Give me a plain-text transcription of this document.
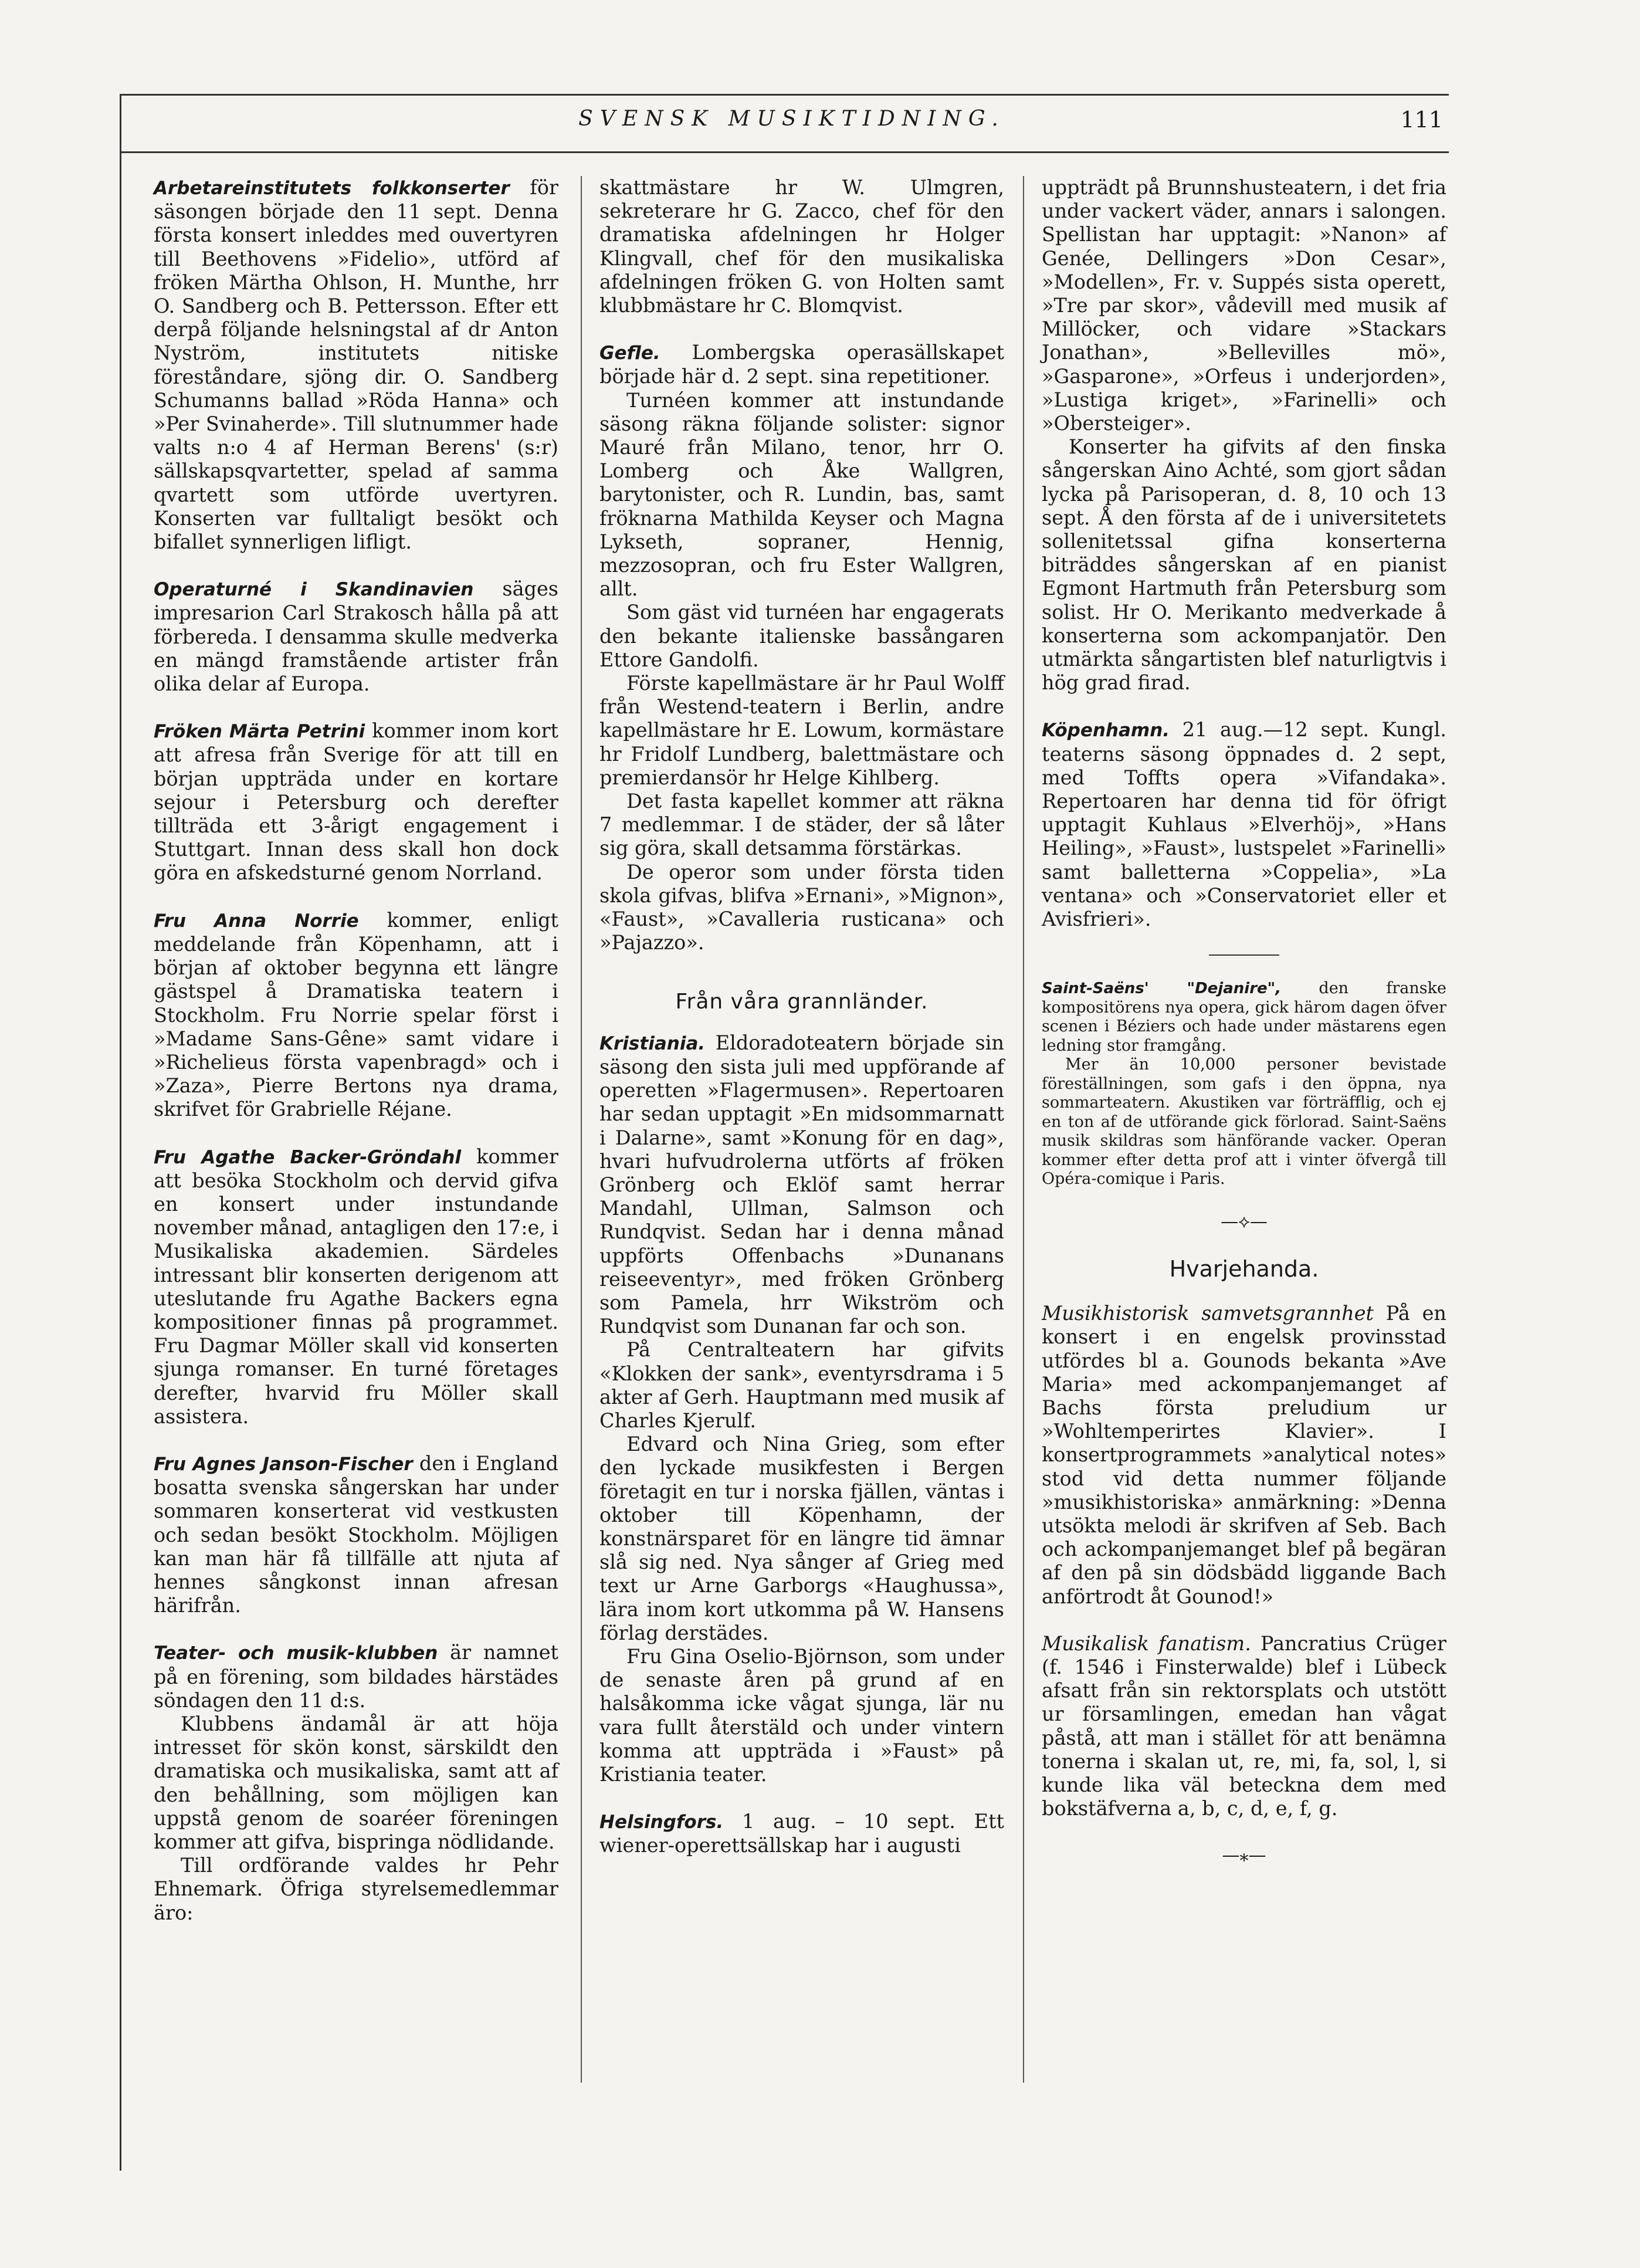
SVENSK MUSIKTIDNING.	111

Arbetareinstitutets folkkonserter för säsongen började den 11 sept. Denna första konsert inleddes med ouvertyren till Beethovens »Fidelio», utförd af fröken Märtha Ohlson, H. Munthe, hrr O. Sandberg och B. Pettersson. Efter ett derpå följande helsningstal af dr Anton Nyström, institutets nitiske föreståndare, sjöng dir. O. Sandberg Schumanns ballad »Röda Hanna» och »Per Svinaherde». Till slutnummer hade valts n:o 4 af Herman Berens' (s:r) sällskapsqvartetter, spelad af samma qvartett som utförde uvertyren. Konserten var fulltaligt besökt och bifallet synnerligen lifligt.

Operaturné i Skandinavien säges impresarion Carl Strakosch hålla på att förbereda. I densamma skulle medverka en mängd framstående artister från olika delar af Europa.

Fröken Märta Petrini kommer inom kort att afresa från Sverige för att till en början uppträda under en kortare sejour i Petersburg och derefter tillträda ett 3-årigt engagement i Stuttgart. Innan dess skall hon dock göra en afskedsturné genom Norrland.

Fru Anna Norrie kommer, enligt meddelande från Köpenhamn, att i början af oktober begynna ett längre gästspel å Dramatiska teatern i Stockholm. Fru Norrie spelar först i »Madame Sans-Gêne» samt vidare i »Richelieus första vapenbragd» och i »Zaza», Pierre Bertons nya drama, skrifvet för Grabrielle Réjane.

Fru Agathe Backer-Gröndahl kommer att besöka Stockholm och dervid gifva en konsert under instundande november månad, antagligen den 17:e, i Musikaliska akademien. Särdeles intressant blir konserten derigenom att uteslutande fru Agathe Backers egna kompositioner finnas på programmet. Fru Dagmar Möller skall vid konserten sjunga romanser. En turné företages derefter, hvarvid fru Möller skall assistera.

Fru Agnes Janson-Fischer den i England bosatta svenska sångerskan har under sommaren konserterat vid vestkusten och sedan besökt Stockholm. Möjligen kan man här få tillfälle att njuta af hennes sångkonst innan afresan härifrån.

Teater- och musik-klubben är namnet på en förening, som bildades härstädes söndagen den 11 d:s.

Klubbens ändamål är att höja intresset för skön konst, särskildt den dramatiska och musikaliska, samt att af den behållning, som möjligen kan uppstå genom de soaréer föreningen kommer att gifva, bispringa nödlidande.

Till ordförande valdes hr Pehr Ehnemark. Öfriga styrelsemedlemmar äro:

skattmästare hr W. Ulmgren, sekreterare hr G. Zacco, chef för den dramatiska afdelningen hr Holger Klingvall, chef för den musikaliska afdelningen fröken G. von Holten samt klubbmästare hr C. Blomqvist.

Gefle. Lombergska operasällskapet började här d. 2 sept. sina repetitioner.

Turnéen kommer att instundande säsong räkna följande solister: signor Mauré från Milano, tenor, hrr O. Lomberg och Åke Wallgren, barytonister, och R. Lundin, bas, samt fröknarna Mathilda Keyser och Magna Lykseth, sopraner, Hennig, mezzosopran, och fru Ester Wallgren, allt.

Som gäst vid turnéen har engagerats den bekante italienske bassångaren Ettore Gandolfi.

Förste kapellmästare är hr Paul Wolff från Westend-teatern i Berlin, andre kapellmästare hr E. Lowum, kormästare hr Fridolf Lundberg, balettmästare och premierdansör hr Helge Kihlberg.

Det fasta kapellet kommer att räkna 7 medlemmar. I de städer, der så låter sig göra, skall detsamma förstärkas.

De operor som under första tiden skola gifvas, blifva »Ernani», »Mignon», «Faust», »Cavalleria rusticana» och »Pajazzo».

Från våra grannländer.

Kristiania. Eldoradoteatern började sin säsong den sista juli med uppförande af operetten »Flagermusen». Repertoaren har sedan upptagit »En midsommarnatt i Dalarne», samt »Konung för en dag», hvari hufvudrolerna utförts af fröken Grönberg och Eklöf samt herrar Mandahl, Ullman, Salmson och Rundqvist. Sedan har i denna månad uppförts Offenbachs »Dunanans reiseeventyr», med fröken Grönberg som Pamela, hrr Wikström och Rundqvist som Dunanan far och son.

På Centralteatern har gifvits «Klokken der sank», eventyrsdrama i 5 akter af Gerh. Hauptmann med musik af Charles Kjerulf.

Edvard och Nina Grieg, som efter den lyckade musikfesten i Bergen företagit en tur i norska fjällen, väntas i oktober till Köpenhamn, der konstnärsparet för en längre tid ämnar slå sig ned. Nya sånger af Grieg med text ur Arne Garborgs «Haughussa», lära inom kort utkomma på W. Hansens förlag derstädes.

Fru Gina Oselio-Björnson, som under de senaste åren på grund af en halsåkomma icke vågat sjunga, lär nu vara fullt återstäld och under vintern komma att uppträda i »Faust» på Kristiania teater.

Helsingfors. 1 aug. – 10 sept. Ett wiener-operettsällskap har i augusti

uppträdt på Brunnshusteatern, i det fria under vackert väder, annars i salongen. Spellistan har upptagit: »Nanon» af Genée, Dellingers »Don Cesar», »Modellen», Fr. v. Suppés sista operett, »Tre par skor», vådevill med musik af Millöcker, och vidare »Stackars Jonathan», »Bellevilles mö», »Gasparone», »Orfeus i underjorden», »Lustiga kriget», »Farinelli» och »Obersteiger».

Konserter ha gifvits af den finska sångerskan Aino Achté, som gjort sådan lycka på Parisoperan, d. 8, 10 och 13 sept. Å den första af de i universitetets sollenitetssal gifna konserterna biträddes sångerskan af en pianist Egmont Hartmuth från Petersburg som solist. Hr O. Merikanto medverkade å konserterna som ackompanjatör. Den utmärkta sångartisten blef naturligtvis i hög grad firad.

Köpenhamn. 21 aug.—12 sept. Kungl. teaterns säsong öppnades d. 2 sept, med Toffts opera »Vifandaka». Repertoaren har denna tid för öfrigt upptagit Kuhlaus »Elverhöj», »Hans Heiling», »Faust», lustspelet »Farinelli» samt balletterna »Coppelia», »La ventana» och »Conservatoriet eller et Avisfrieri».

Saint-Saëns' "Dejanire", den franske kompositörens nya opera, gick härom dagen öfver scenen i Béziers och hade under mästarens egen ledning stor framgång.

Mer än 10,000 personer bevistade föreställningen, som gafs i den öppna, nya sommarteatern. Akustiken var förträfflig, och ej en ton af de utförande gick förlorad. Saint-Saëns musik skildras som hänförande vacker. Operan kommer efter detta prof att i vinter öfvergå till Opéra-comique i Paris.

—⟡—
Hvarjehanda.

Musikhistorisk samvetsgrannhet På en konsert i en engelsk provinsstad utfördes bl a. Gounods bekanta »Ave Maria» med ackompanjemanget af Bachs första preludium ur »Wohltemperirtes Klavier». I konsertprogrammets »analytical notes» stod vid detta nummer följande »musikhistoriska» anmärkning: »Denna utsökta melodi är skrifven af Seb. Bach och ackompanjemanget blef på begäran af den på sin dödsbädd liggande Bach anförtrodt åt Gounod!»

Musikalisk fanatism. Pancratius Crüger (f. 1546 i Finsterwalde) blef i Lübeck afsatt från sin rektorsplats och utstött ur församlingen, emedan han vågat påstå, att man i stället för att benämna tonerna i skalan ut, re, mi, fa, sol, l, si kunde lika väl beteckna dem med bokstäfverna a, b, c, d, e, f, g.

—⁎—
